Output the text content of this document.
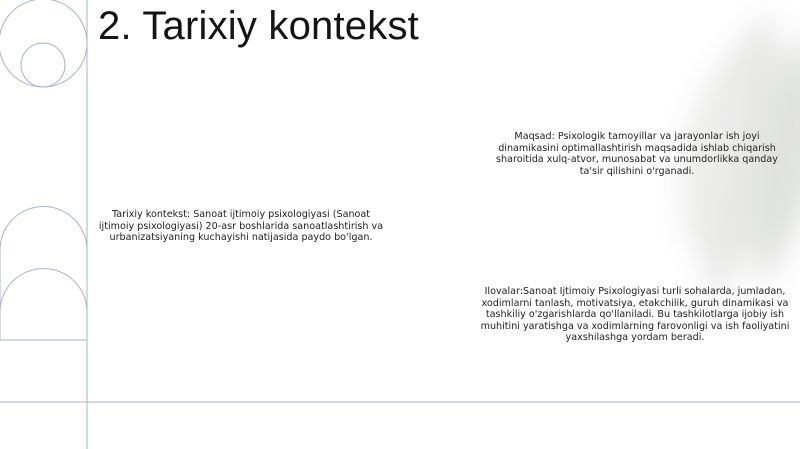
2. Tarixiy kontekst

Tarixiy kontekst: Sanoat ijtimoiy psixologiyasi (Sanoat ijtimoiy psixologiyasi) 20-asr boshlarida sanoatlashtirish va urbanizatsiyaning kuchayishi natijasida paydo bo'lgan.

Maqsad: Psixologik tamoyillar va jarayonlar ish joyi dinamikasini optimallashtirish maqsadida ishlab chiqarish sharoitida xulq-atvor, munosabat va unumdorlikka qanday ta'sir qilishini o'rganadi.

Ilovalar:Sanoat Ijtimoiy Psixologiyasi turli sohalarda, jumladan, xodimlarni tanlash, motivatsiya, etakchilik, guruh dinamikasi va tashkiliy o'zgarishlarda qo'llaniladi. Bu tashkilotlarga ijobiy ish muhitini yaratishga va xodimlarning farovonligi va ish faoliyatini yaxshilashga yordam beradi.
